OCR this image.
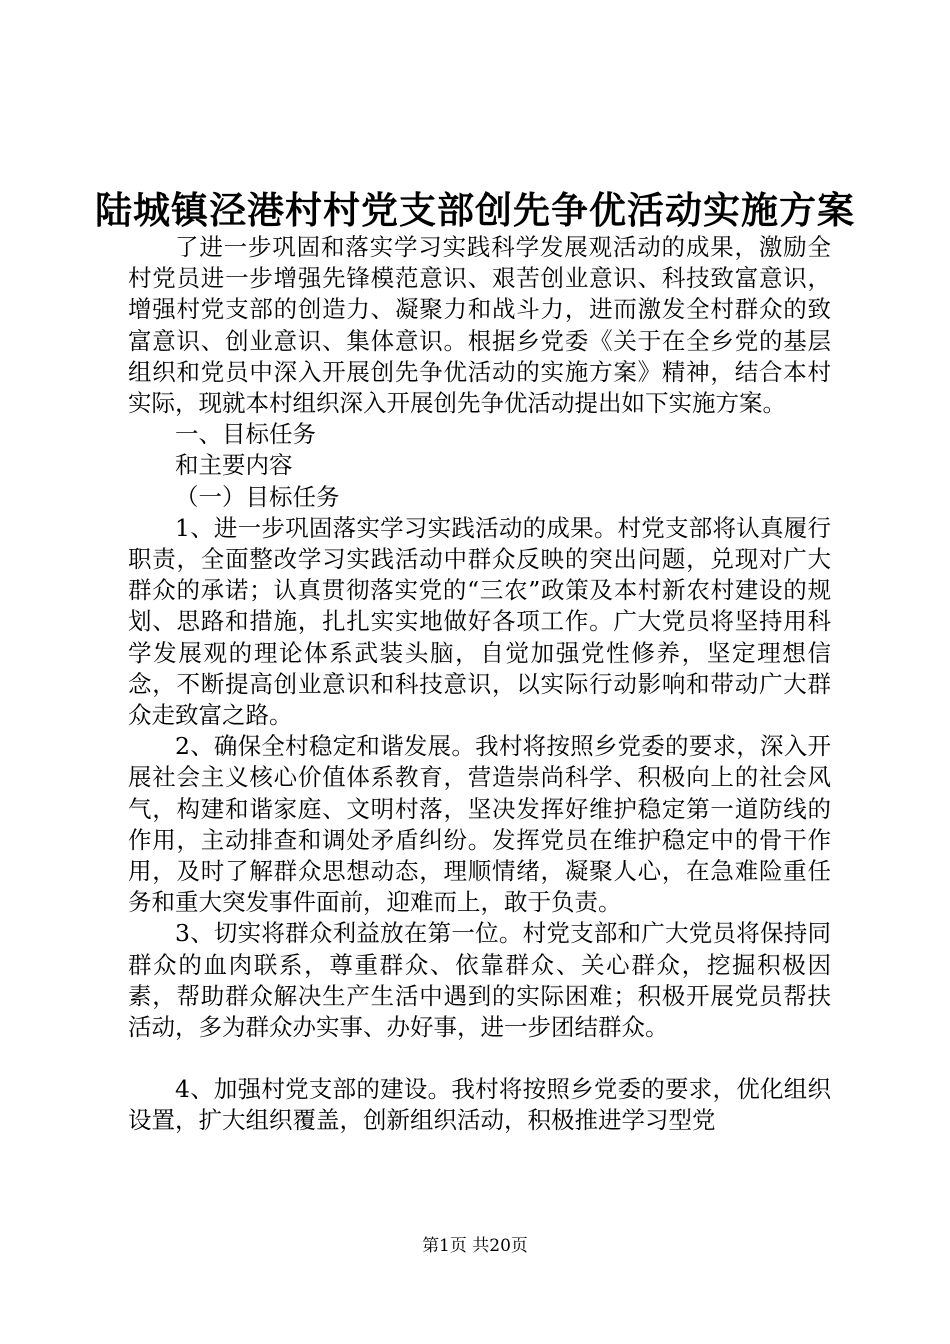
陆城镇泾港村村党支部创先争优活动实施方案

了进一步巩固和落实学习实践科学发展观活动的成果，激励全村党员进一步增强先锋模范意识、艰苦创业意识、科技致富意识，增强村党支部的创造力、凝聚力和战斗力，进而激发全村群众的致富意识、创业意识、集体意识。根据乡党委《关于在全乡党的基层组织和党员中深入开展创先争优活动的实施方案》精神，结合本村实际，现就本村组织深入开展创先争优活动提出如下实施方案。

一、目标任务

和主要内容

（一）目标任务

1、进一步巩固落实学习实践活动的成果。村党支部将认真履行职责，全面整改学习实践活动中群众反映的突出问题，兑现对广大群众的承诺；认真贯彻落实党的“三农”政策及本村新农村建设的规划、思路和措施，扎扎实实地做好各项工作。广大党员将坚持用科学发展观的理论体系武装头脑，自觉加强党性修养，坚定理想信念，不断提高创业意识和科技意识，以实际行动影响和带动广大群众走致富之路。

2、确保全村稳定和谐发展。我村将按照乡党委的要求，深入开展社会主义核心价值体系教育，营造崇尚科学、积极向上的社会风气，构建和谐家庭、文明村落，坚决发挥好维护稳定第一道防线的作用，主动排查和调处矛盾纠纷。发挥党员在维护稳定中的骨干作用，及时了解群众思想动态，理顺情绪，凝聚人心，在急难险重任务和重大突发事件面前，迎难而上，敢于负责。

3、切实将群众利益放在第一位。村党支部和广大党员将保持同群众的血肉联系，尊重群众、依靠群众、关心群众，挖掘积极因素，帮助群众解决生产生活中遇到的实际困难；积极开展党员帮扶活动，多为群众办实事、办好事，进一步团结群众。

4、加强村党支部的建设。我村将按照乡党委的要求，优化组织设置，扩大组织覆盖，创新组织活动，积极推进学习型党

第1页 共20页
